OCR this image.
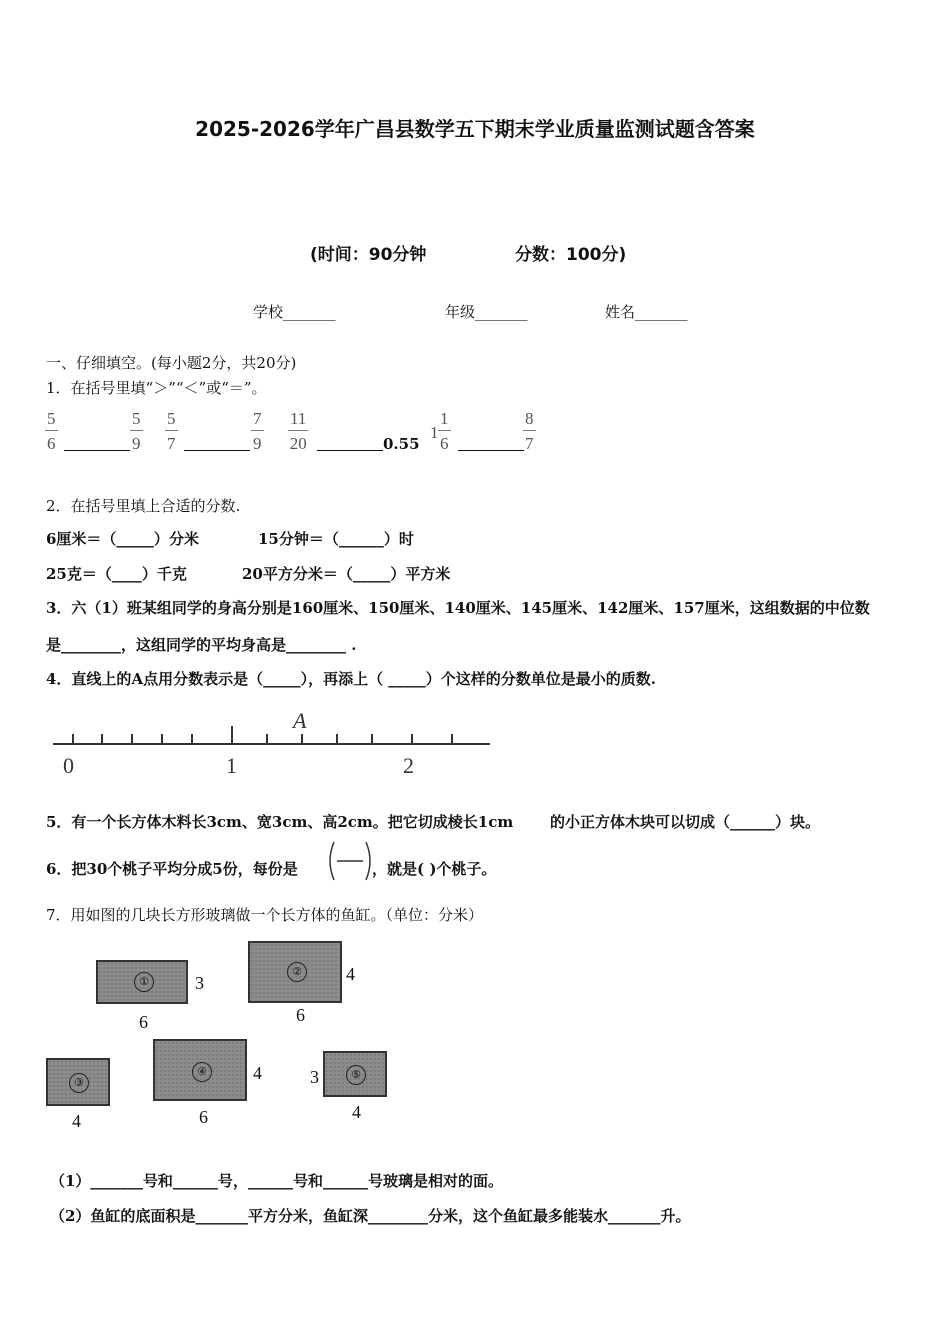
2025-2026学年广昌县数学五下期末学业质量监测试题含答案
(时间：90分钟	分数：100分)
学校_______	年级_______	姓名_______
一、仔细填空。(每小题2分，共20分)
1．在括号里填“＞”“＜”或“＝”。
$\frac{5}{6}$	$\frac{5}{9} \frac{5}{7}$	$\frac{7}{9} \frac{11}{20}$	0.55
$1 \frac{1}{6}$	$\frac{8}{7}$
2．在括号里填上合适的分数.
6厘米＝（_____）分米	15分钟＝（______）时
25克＝（____）千克	20平方分米＝（_____）平方米
3．六（1）班某组同学的身高分别是160厘米、150厘米、140厘米、145厘米、142厘米、157厘米，这组数据的中位数
是________，这组同学的平均身高是________ .
4．直线上的A点用分数表示是（_____），再添上（ _____）个这样的分数单位是最小的质数.
A
0	1	2
5．有一个长方体木料长3cm、宽3cm、高2cm。把它切成棱长1cm 的小正方体木块可以切成（______）块。
6．把30个桃子平均分成5份，每份是	，就是( )个桃子。
7．用如图的几块长方形玻璃做一个长方体的鱼缸。（单位：分米）
①	3
6
② 4
6
③
4
④	4
6
⑤
3
4
（1）_______号和______号，______号和______号玻璃是相对的面。
（2）鱼缸的底面积是_______平方分米，鱼缸深________分米，这个鱼缸最多能装水_______升。
